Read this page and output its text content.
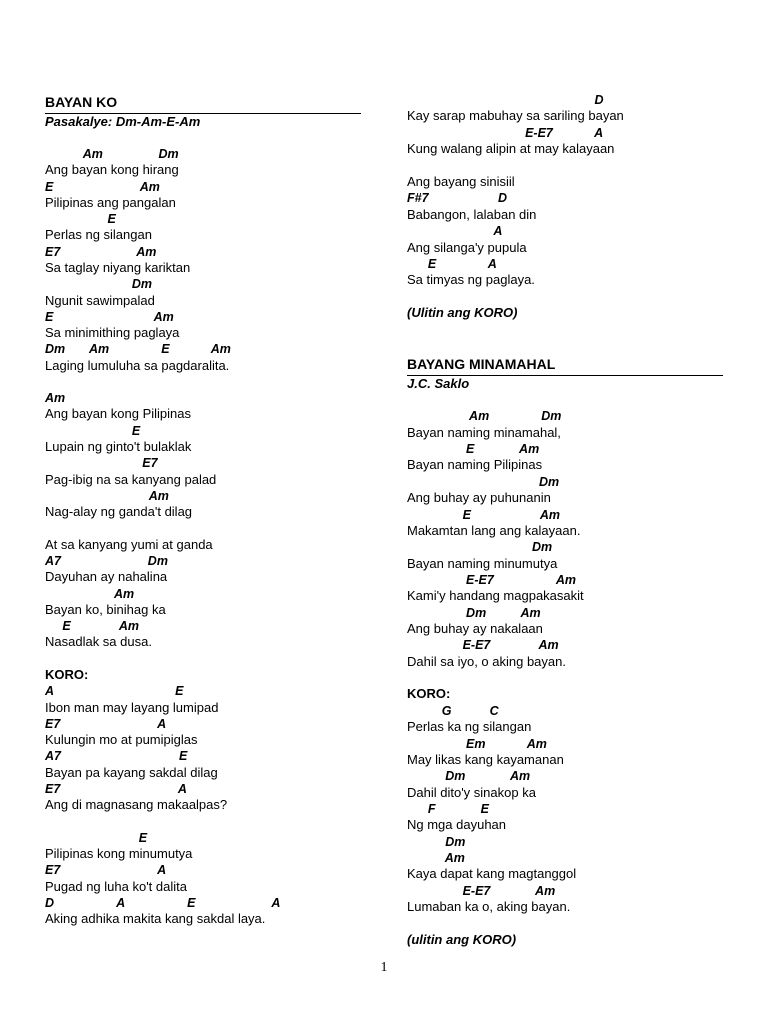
BAYAN KO
Pasakalye: Dm-Am-E-Am
Am                Dm
Ang bayan kong hirang
E                         Am
Pilipinas ang pangalan
E
Perlas ng silangan
E7                      Am
Sa taglay niyang kariktan
Dm
Ngunit sawimpalad
E                             Am
Sa minimithing paglaya
Dm       Am               E            Am
Laging lumuluha sa pagdaralita.
Am
Ang bayan kong Pilipinas
E
Lupain ng ginto't bulaklak
E7
Pag-ibig na sa kanyang palad
Am
Nag-alay ng ganda't dilag
At sa kanyang yumi at ganda
A7                         Dm
Dayuhan ay nahalina
Am
Bayan ko, binihag ka
E              Am
Nasadlak sa dusa.
KORO:
A                                   E
Ibon man may layang lumipad
E7                            A
Kulungin mo at pumipiglas
A7                                  E
Bayan pa kayang sakdal dilag
E7                                  A
Ang di magnasang makaalpas?
E
Pilipinas kong minumutya
E7                            A
Pugad ng luha ko't dalita
D                  A                  E                      A
Aking adhika makita kang sakdal laya.
D
Kay sarap mabuhay sa sariling bayan
E-E7            A
Kung walang alipin at may kalayaan
Ang bayang sinisiil
F#7                    D
Babangon, lalaban din
A
Ang silanga'y pupula
E               A
Sa timyas ng paglaya.
(Ulitin ang KORO)
BAYANG MINAMAHAL
J.C. Saklo
Am               Dm
Bayan naming minamahal,
E             Am
Bayan naming Pilipinas
Dm
Ang buhay ay puhunanin
E                    Am
Makamtan lang ang kalayaan.
Dm
Bayan naming minumutya
E-E7                  Am
Kami'y handang magpakasakit
Dm          Am
Ang buhay ay nakalaan
E-E7              Am
Dahil sa iyo, o aking bayan.
KORO:
G           C
Perlas ka ng silangan
Em            Am
May likas kang kayamanan
Dm             Am
Dahil dito'y sinakop ka
F             E
Ng mga dayuhan
Dm
Am
Kaya dapat kang magtanggol
E-E7             Am
Lumaban ka o, aking bayan.
(ulitin ang KORO)
1
